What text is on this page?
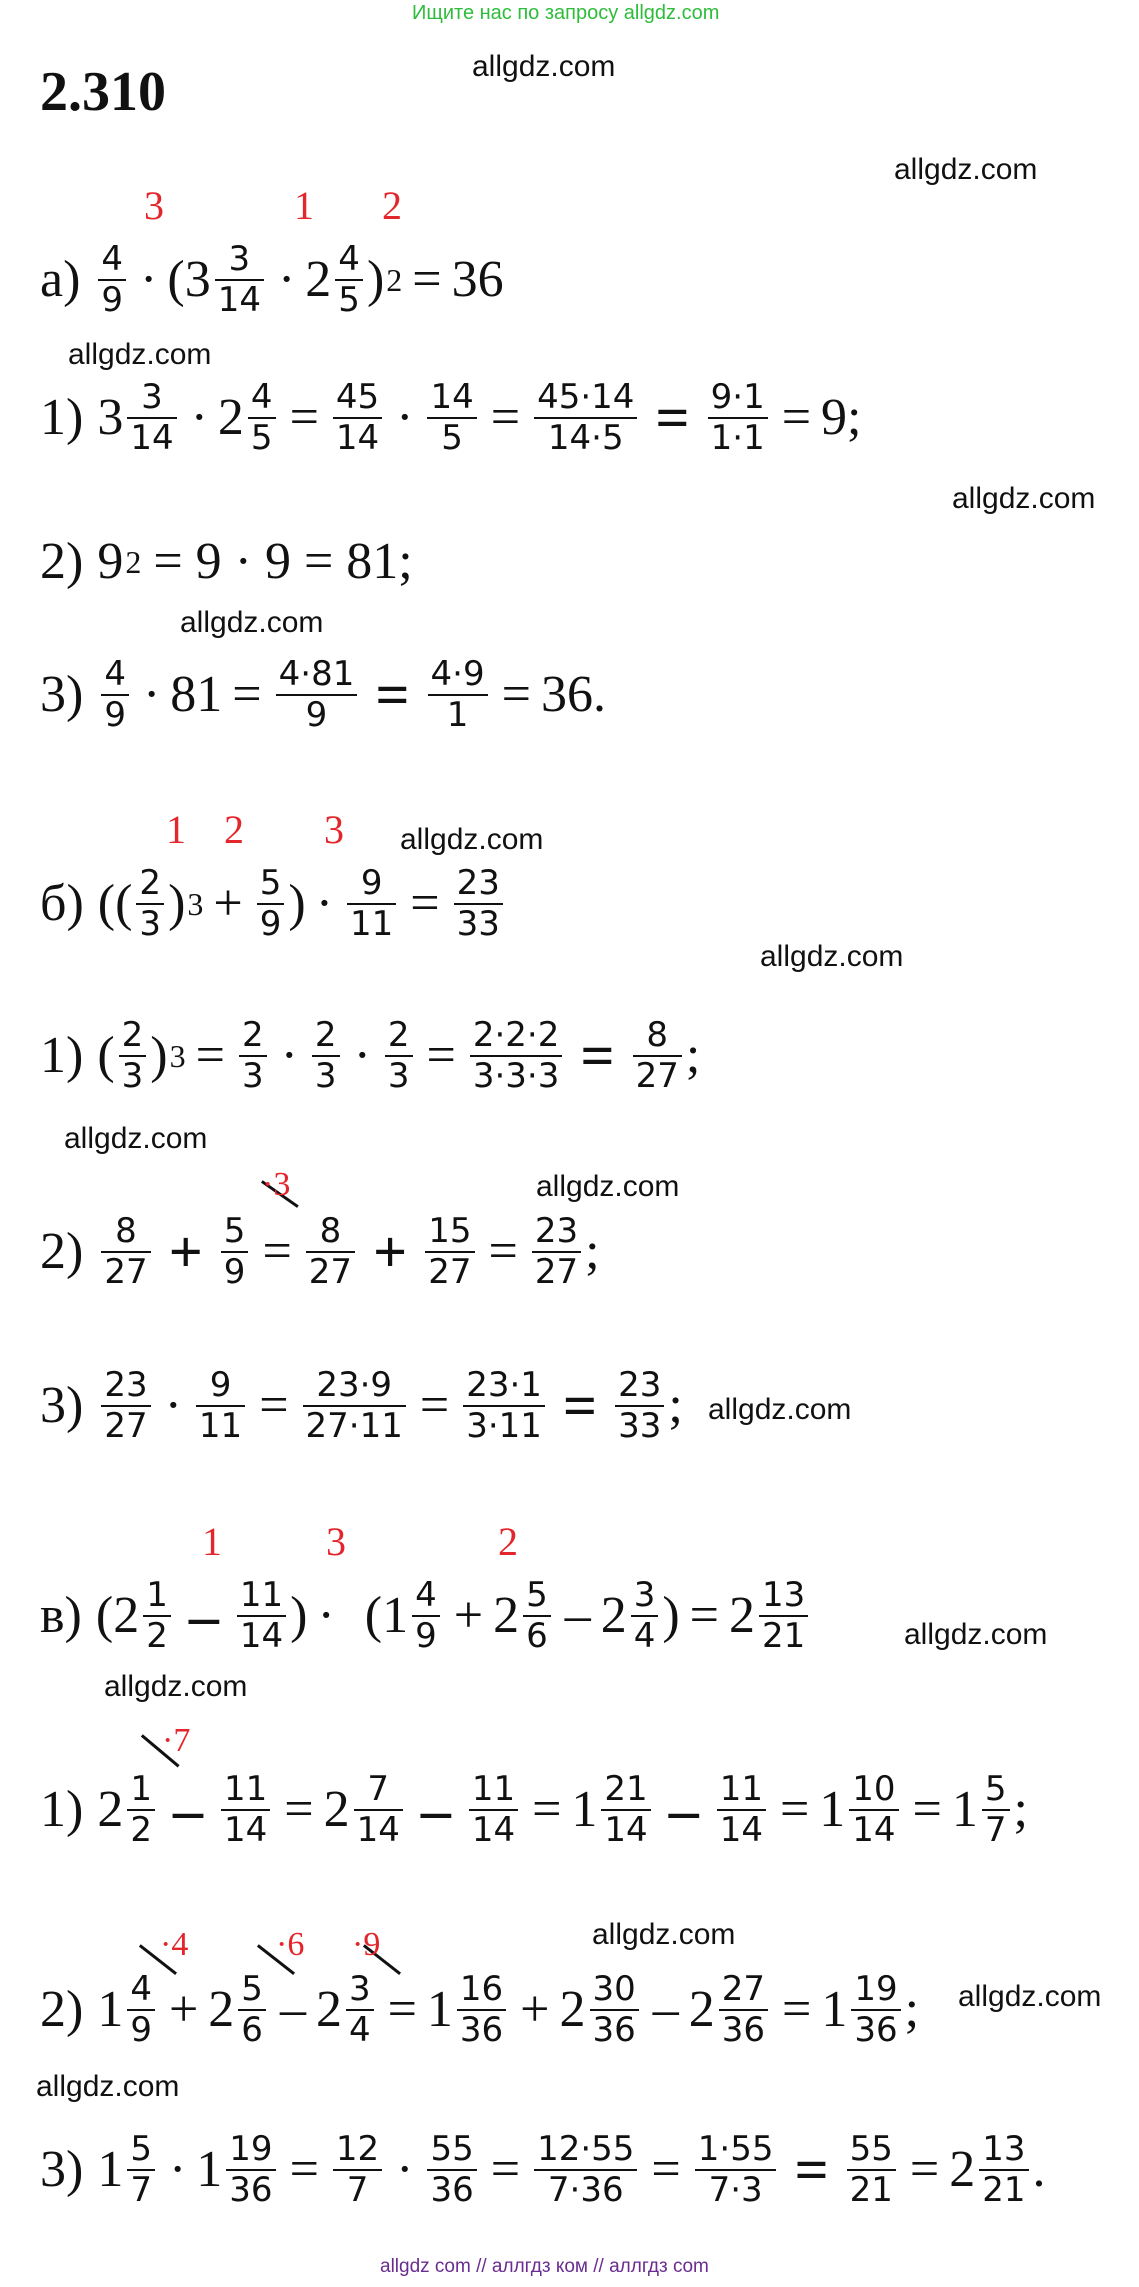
Ищите нас по запросу allgdz.com
2.310	allgdz.com
allgdz.com
allgdz.com
allgdz.com
allgdz.com
allgdz.com
allgdz.com
allgdz.com
allgdz.com
allgdz.com
allgdz.com
allgdz.com
allgdz.com
allgdz.com
allgdz.com
3	1 2
$а) \frac{4}{9}$ · ( $3 \frac{3}{14} \cdot 2 \frac{4}{5}$ ) 2 = 36
1) $3 \frac{3}{14} \cdot 2 \frac{4}{5} = \frac{45}{14} \cdot \frac{14}{5} = \frac{45\cdot 14}{14\cdot 5} = \frac{9\cdot 1}{1\cdot 1} = 9$;
2) 9 2 = 9 · 9 = 81;
$3) \frac{4}{9} \cdot 81 = \frac{4\cdot 81}{9} = \frac{4\cdot 9}{1} = 36$.
1 2 3
б) (( $\frac{2}{3}$ ) $3 + \frac{5}{9}$ ) · $\frac{9}{11} = \frac{23}{33}$
1) ( $\frac{2}{3}$ ) $3 = \frac{2}{3} \cdot \frac{2}{3} \cdot \frac{2}{3} = \frac{2\cdot 2\cdot 2}{3\cdot 3\cdot 3} = \frac{8}{27}$ ;
·3
$2) \frac{8}{27} + \frac{5}{9} = \frac{8}{27} + \frac{15}{27} = \frac{23}{27}$ ;
$3) \frac{23}{27} \cdot \frac{9}{11} = \frac{23\cdot 9}{27\cdot 11} = \frac{23\cdot 1}{3\cdot 11} = \frac{23}{33}$ ;
1	3	2
в) ( $2 \frac{1}{2} - \frac{11}{14}$ ) · ( $1 \frac{4}{9} + 2 \frac{5}{6} - 2 \frac{3}{4}$ ) = $2 \frac{13}{21}$
·7
1) $2 \frac{1}{2} - \frac{11}{14} = 2 \frac{7}{14} - \frac{11}{14} = 1 \frac{21}{14} - \frac{11}{14} = 1 \frac{10}{14} = 1 \frac{5}{7}$ ;
·4	·6 ·9
2) $1 \frac{4}{9} + 2 \frac{5}{6} - 2 \frac{3}{4} = 1 \frac{16}{36} + 2 \frac{30}{36} - 2 \frac{27}{36} = 1 \frac{19}{36}$ ;
3) $1 \frac{5}{7} \cdot 1 \frac{19}{36} = \frac{12}{7} \cdot \frac{55}{36} = \frac{12\cdot 55}{7\cdot 36} = \frac{1\cdot 55}{7\cdot 3} = \frac{55}{21} = 2 \frac{13}{21}$ .
allgdz com // аллгдз ком // аллгдз com
